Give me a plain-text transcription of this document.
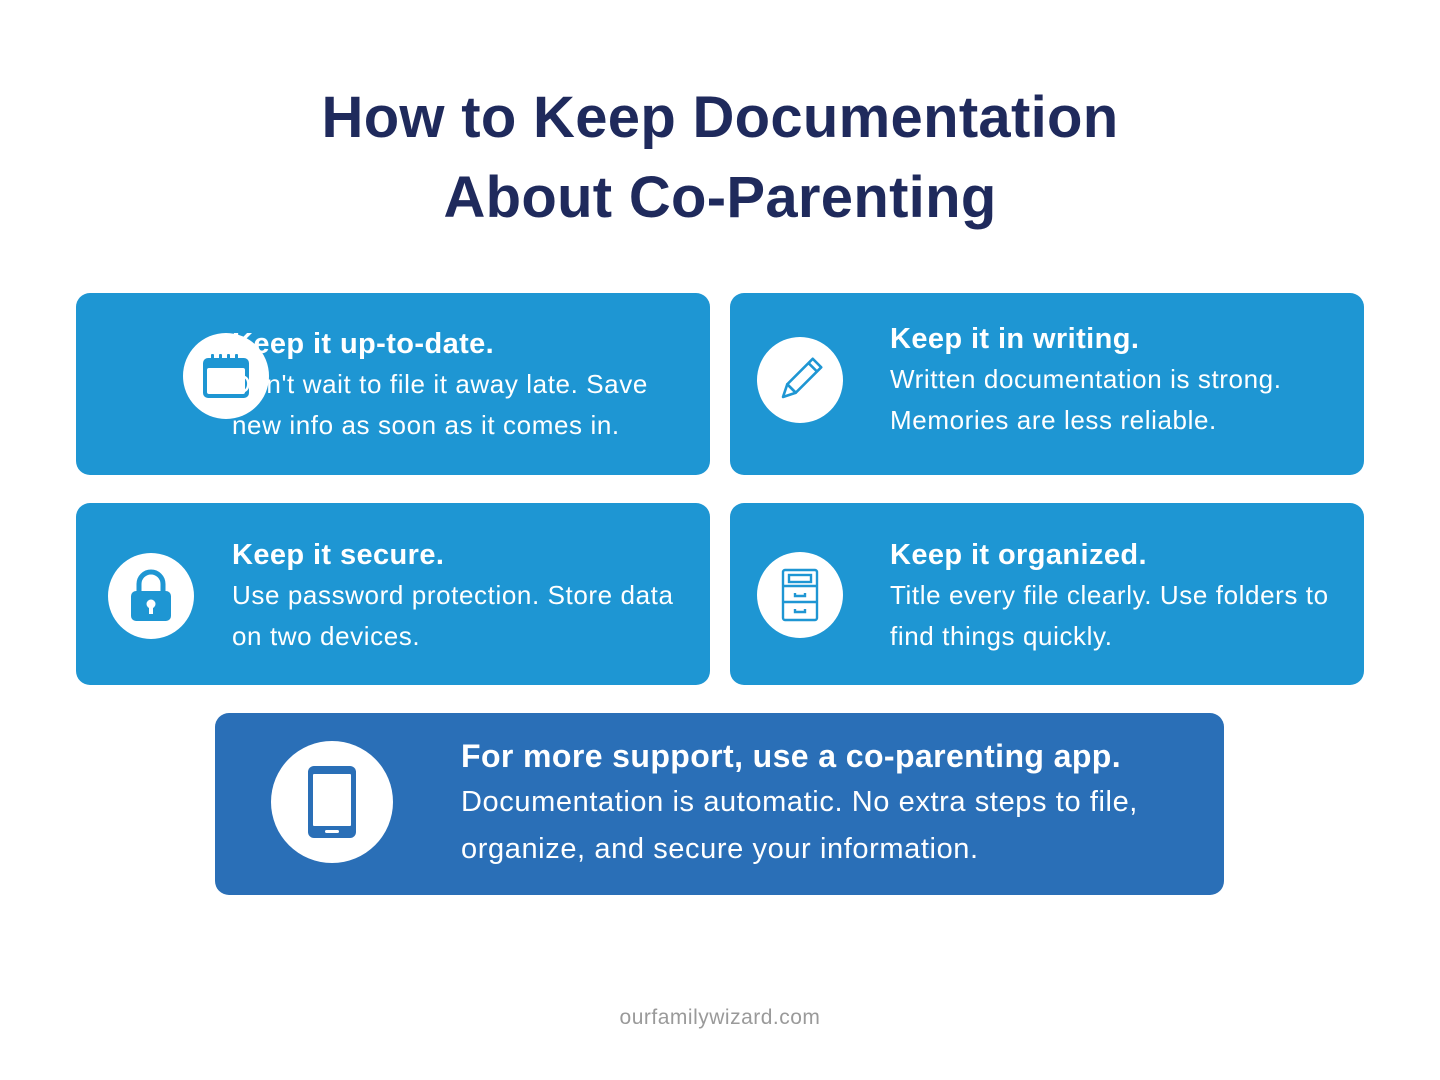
How to Keep Documentation
About Co-Parenting
Keep it up-to-date.
Don't wait to file it away late. Save new info as soon as it comes in.
Keep it in writing.
Written documentation is strong. Memories are less reliable.
Keep it secure.
Use password protection. Store data on two devices.
Keep it organized.
Title every file clearly. Use folders to find things quickly.
For more support, use a co-parenting app.
Documentation is automatic. No extra steps to file, organize, and secure your information.
ourfamilywizard.com
